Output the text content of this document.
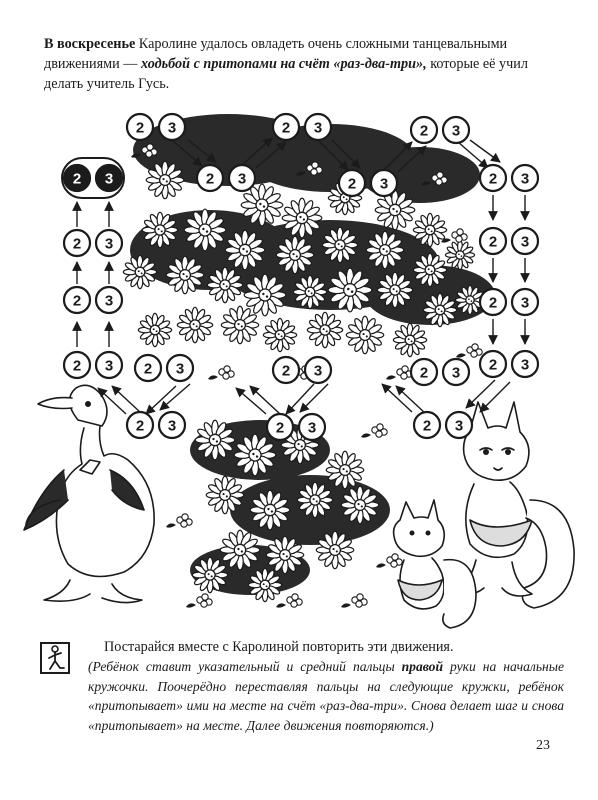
В воскресенье Каролине удалось овладеть очень сложными танцевальными движениями — ходьбой с притопами на счёт «раз-два-три», которые её учил делать учитель Гусь.
2 3
2 3
2 3
2 3
2 3	2 3	2 3
2 3	2 3	2 3
2 3
2 3
2 3
2 3	2 3	2 3
2 3	2 3	2 3
Постарайся вместе с Каролиной повторить эти движения.
(Ребёнок ставит указательный и средний пальцы правой руки на начальные кружочки. Поочерёдно переставляя пальцы на следующие кружки, ребёнок «притопывает» ими на месте на счёт «раз-два-три». Снова делает шаг и снова «притопывает» на месте. Далее движения повторяются.)
23
